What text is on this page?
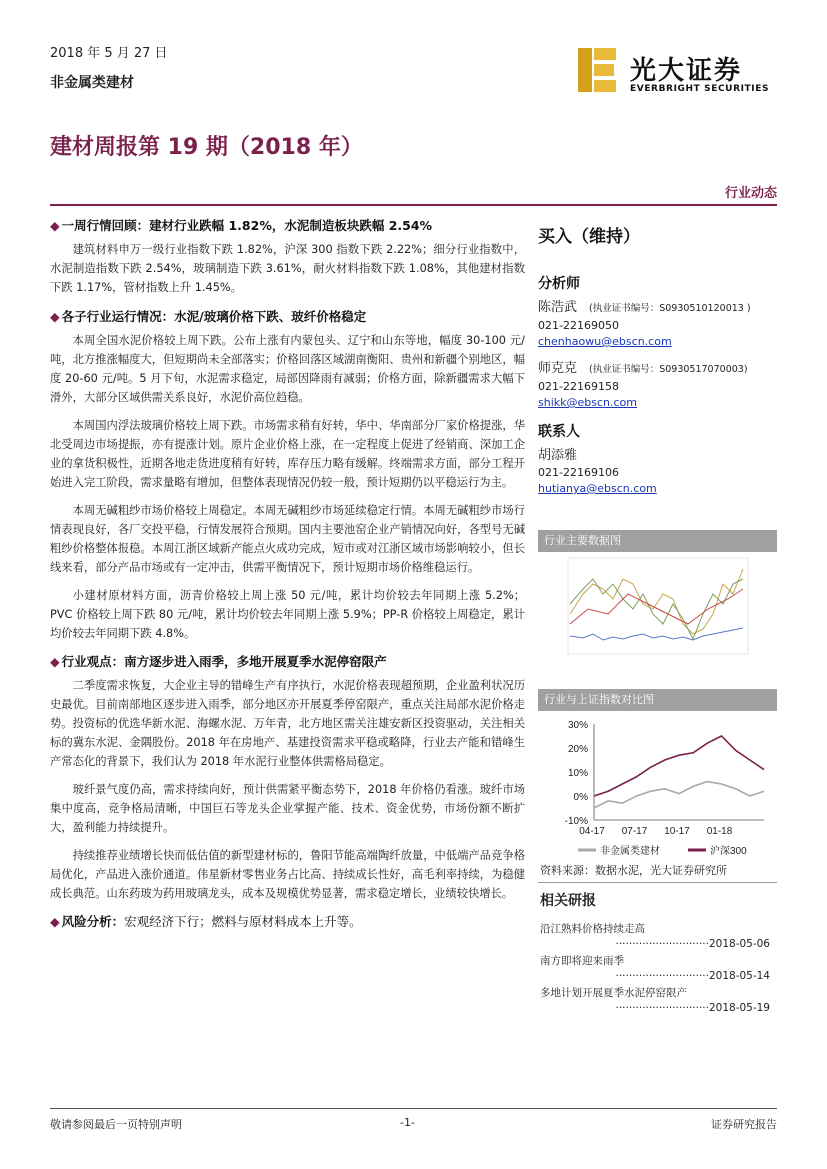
2018 年 5 月 27 日
非金属类建材	光大证券
EVERBRIGHT SECURITIES
建材周报第 19 期（2018 年）
行业动态
◆ 一周行情回顾：建材行业跌幅 1.82%，水泥制造板块跌幅 2.54%

建筑材料申万一级行业指数下跌 1.82%，沪深 300 指数下跌 2.22%；细分行业指数中，水泥制造指数下跌 2.54%，玻璃制造下跌 3.61%，耐火材料指数下跌 1.08%，其他建材指数下跌 1.17%，管材指数上升 1.45%。

◆ 各子行业运行情况：水泥/玻璃价格下跌、玻纤价格稳定

本周全国水泥价格较上周下跌。公布上涨有内蒙包头、辽宁和山东等地，幅度 30-100 元/吨，北方推涨幅度大，但短期尚未全部落实；价格回落区域湖南衡阳、贵州和新疆个别地区，幅度 20-60 元/吨。5 月下旬，水泥需求稳定，局部因降雨有减弱；价格方面，除新疆需求大幅下滑外，大部分区域供需关系良好，水泥价高位趋稳。

本周国内浮法玻璃价格较上周下跌。市场需求稍有好转，华中、华南部分厂家价格提涨，华北受周边市场提振，亦有提涨计划。原片企业价格上涨，在一定程度上促进了经销商、深加工企业的拿货积极性，近期各地走货进度稍有好转，库存压力略有缓解。终端需求方面，部分工程开始进入完工阶段，需求量略有增加，但整体表现情况仍较一般，预计短期仍以平稳运行为主。

本周无碱粗纱市场价格较上周稳定。本周无碱粗纱市场延续稳定行情。本周无碱粗纱市场行情表现良好，各厂交投平稳，行情发展符合预期。国内主要池窑企业产销情况向好，各型号无碱粗纱价格整体报稳。本周江浙区域新产能点火成功完成，短市或对江浙区域市场影响较小，但长线来看，部分产品市场或有一定冲击，供需平衡情况下，预计短期市场价格维稳运行。

小建材原材料方面，沥青价格较上周上涨 50 元/吨，累计均价较去年同期上涨 5.2%；PVC 价格较上周下跌 80 元/吨，累计均价较去年同期上涨 5.9%；PP-R 价格较上周稳定，累计均价较去年同期下跌 4.8%。

◆ 行业观点：南方逐步进入雨季，多地开展夏季水泥停窑限产

二季度需求恢复，大企业主导的错峰生产有序执行，水泥价格表现超预期，企业盈利状况历史最优。目前南部地区逐步进入雨季，部分地区亦开展夏季停窑限产，重点关注局部水泥价格走势。投资标的优选华新水泥、海螺水泥、万年青，北方地区需关注雄安新区投资驱动，关注相关标的冀东水泥、金隅股份。2018 年在房地产、基建投资需求平稳或略降，行业去产能和错峰生产常态化的背景下，我们认为 2018 年水泥行业整体供需格局稳定。

玻纤景气度仍高，需求持续向好，预计供需紧平衡态势下，2018 年价格仍看涨。玻纤市场集中度高，竞争格局清晰，中国巨石等龙头企业掌握产能、技术、资金优势，市场份额不断扩大，盈利能力持续提升。

持续推荐业绩增长快而低估值的新型建材标的，鲁阳节能高端陶纤放量，中低端产品竞争格局优化，产品进入涨价通道。伟星新材零售业务占比高、持续成长性好，高毛利率持续，为稳健成长典范。山东药玻为药用玻璃龙头，成本及规模优势显著，需求稳定增长，业绩较快增长。

◆ 风险分析：宏观经济下行；燃料与原材料成本上升等。
买入（维持）
分析师
陈浩武 (执业证书编号：S0930510120013 )
021-22169050
chenhaowu@ebscn.com
师克克 (执业证书编号：S0930517070003)
021-22169158
shikk@ebscn.com
联系人
胡添雅
021-22169106
hutianya@ebscn.com
行业主要数据图
行业与上证指数对比图
30%
20%
10%
0%
-10%
04-17 07-17 10-17 01-18
非金属类建材	沪深300
资料来源：数据水泥，光大证券研究所
相关研报
沿江熟料价格持续走高
····························2018-05-06
南方即将迎来雨季
····························2018-05-14
多地计划开展夏季水泥停窑限产
····························2018-05-19
敬请参阅最后一页特别声明	-1-	证券研究报告
